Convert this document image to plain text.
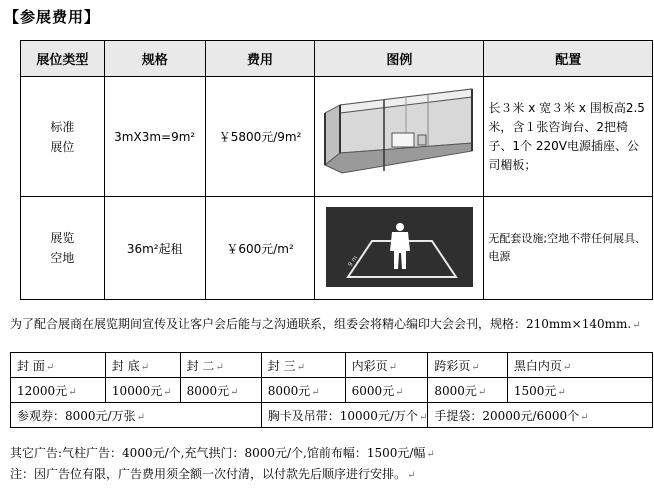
【参展费用】
展位类型	规格	费用	图例	配置

标准
展位	3mX3m=9m²	￥5800元/9m²		长３米 x 宽３米 x 围板高2.5 米，含１张咨询台、2把椅子、1个 220V电源插座、公司楣板；

展览
空地	36m²起租	￥600元/m²	9 m	无配套设施;空地不带任何展具、电源
为了配合展商在展览期间宣传及让客户会后能与之沟通联系，组委会将精心编印大会会刊，规格：210mm×140mm.↵
封 面↵	封 底↵	封 二↵	封 三↵	内彩页↵	跨彩页↵	黑白内页↵
12000元↵	10000元↵	8000元↵	8000元↵	6000元↵	8000元↵	1500元↵
参观券：8000元/万张↵			胸卡及吊带：10000元/万个↵		手提袋：20000元/6000个↵	
其它广告:气柱广告：4000元/个,充气拱门：8000元/个,馆前布幅：1500元/幅↵
注：因广告位有限，广告费用须全额一次付清，以付款先后顺序进行安排。↵
